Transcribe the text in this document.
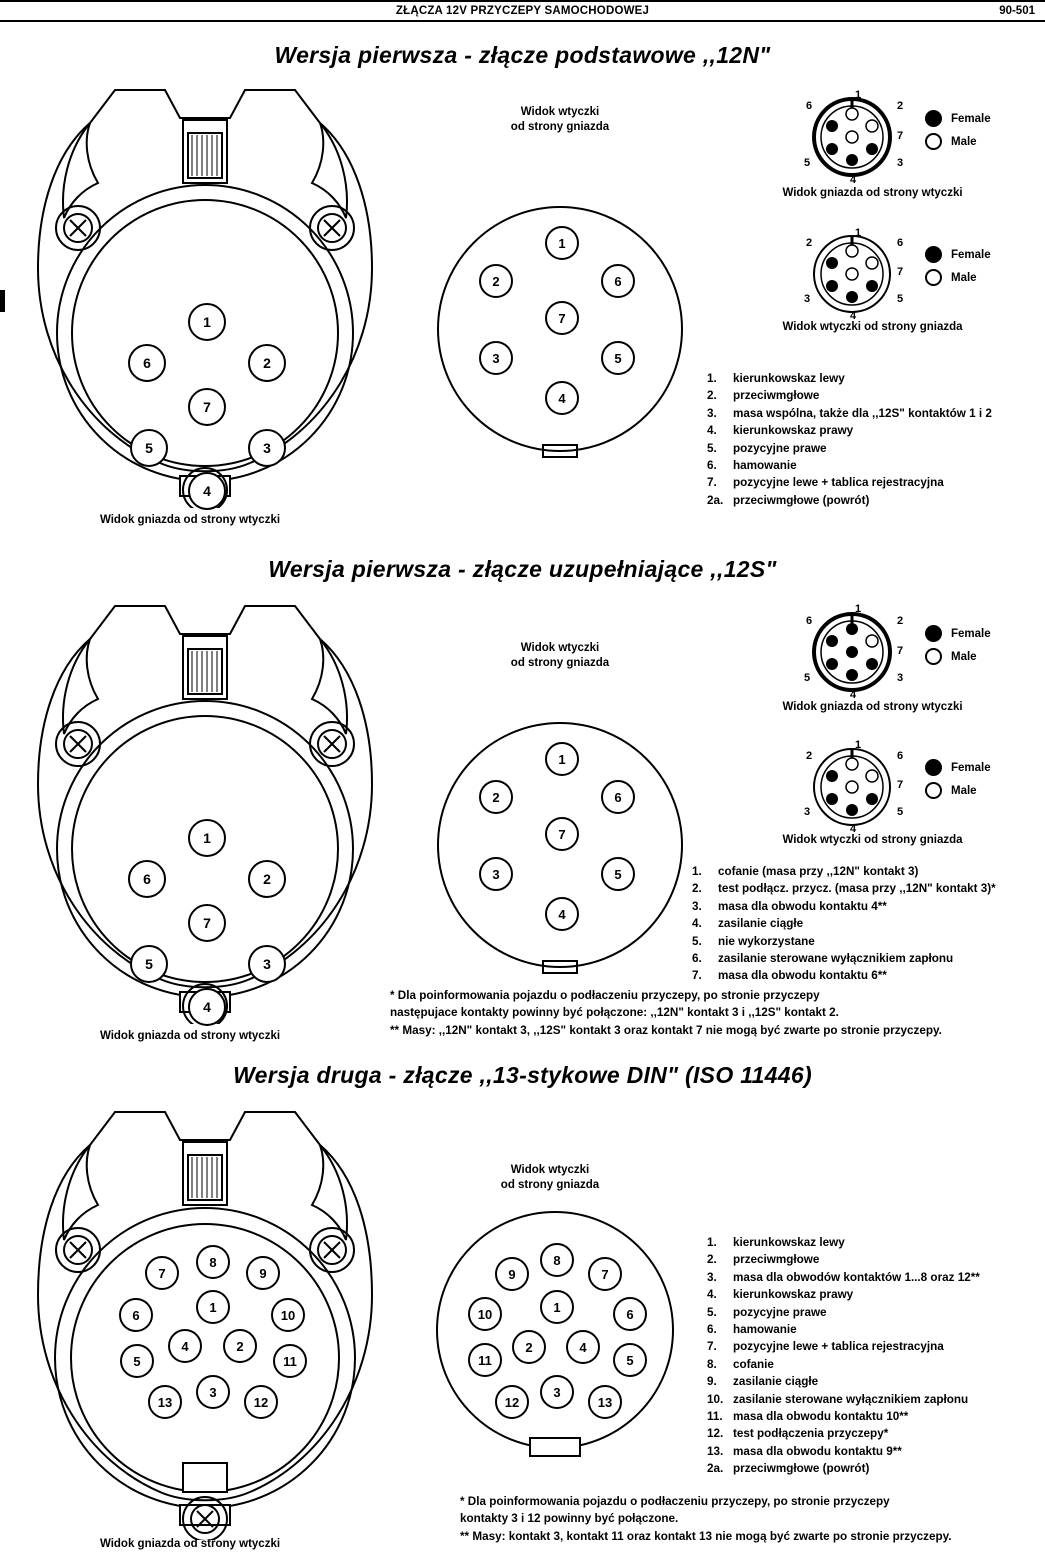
ZŁĄCZA 12V PRZYCZEPY SAMOCHODOWEJ	90-501
Wersja pierwsza - złącze podstawowe ,,12N"
1
6	2
7
5	3
4
Widok gniazda od strony wtyczki
Widok wtyczki
od strony gniazda
1
2	6
7
3	5
4
1
6	2
7
5	3
4
Female
Male
Widok gniazda od strony wtyczki
1
2	6
7
3	5
4
Female
Male
Widok wtyczki od strony gniazda
1.	kierunkowskaz lewy
2.	przeciwmgłowe
3.	masa wspólna, także dla ,,12S" kontaktów 1 i 2
4.	kierunkowskaz prawy
5.	pozycyjne prawe
6.	hamowanie
7.	pozycyjne lewe + tablica rejestracyjna
2a. przeciwmgłowe (powrót)
Wersja pierwsza - złącze uzupełniające ,,12S"
1
6	2
7
5	3
4
Widok gniazda od strony wtyczki
Widok wtyczki
od strony gniazda
1
2	6
7
3	5
4
1
6	2
7
5	3
4
Female
Male
Widok gniazda od strony wtyczki
1
2	6
7
3	5
4
Female
Male
Widok wtyczki od strony gniazda
1.	cofanie (masa przy ,,12N" kontakt 3)
2.	test podłącz. przycz. (masa przy ,,12N" kontakt 3)*
3.	masa dla obwodu kontaktu 4**
4.	zasilanie ciągłe
5.	nie wykorzystane
6.	zasilanie sterowane wyłącznikiem zapłonu
7.	masa dla obwodu kontaktu 6**
* Dla poinformowania pojazdu o podłaczeniu przyczepy, po stronie przyczepy
następujace kontakty powinny być połączone: ,,12N" kontakt 3 i ,,12S" kontakt 2.
** Masy: ,,12N" kontakt 3, ,,12S" kontakt 3 oraz kontakt 7 nie mogą być zwarte po stronie przyczepy.
Wersja druga - złącze ,,13-stykowe DIN" (ISO 11446)
8
7	9
6
1
10
4	2
11
5
13
3
12
Widok gniazda od strony wtyczki
Widok wtyczki
od strony gniazda
8
9	7
10	1	6
2	4
11	5
12
3
13
1.	kierunkowskaz lewy
2.	przeciwmgłowe
3.	masa dla obwodów kontaktów 1...8 oraz 12**
4.	kierunkowskaz prawy
5.	pozycyjne prawe
6.	hamowanie
7.	pozycyjne lewe + tablica rejestracyjna
8.	cofanie
9.	zasilanie ciągłe
10. zasilanie sterowane wyłącznikiem zapłonu
11. masa dla obwodu kontaktu 10**
12. test podłączenia przyczepy*
13. masa dla obwodu kontaktu 9**
2a. przeciwmgłowe (powrót)
* Dla poinformowania pojazdu o podłaczeniu przyczepy, po stronie przyczepy
kontakty 3 i 12 powinny być połączone.
** Masy: kontakt 3, kontakt 11 oraz kontakt 13 nie mogą być zwarte po stronie przyczepy.
